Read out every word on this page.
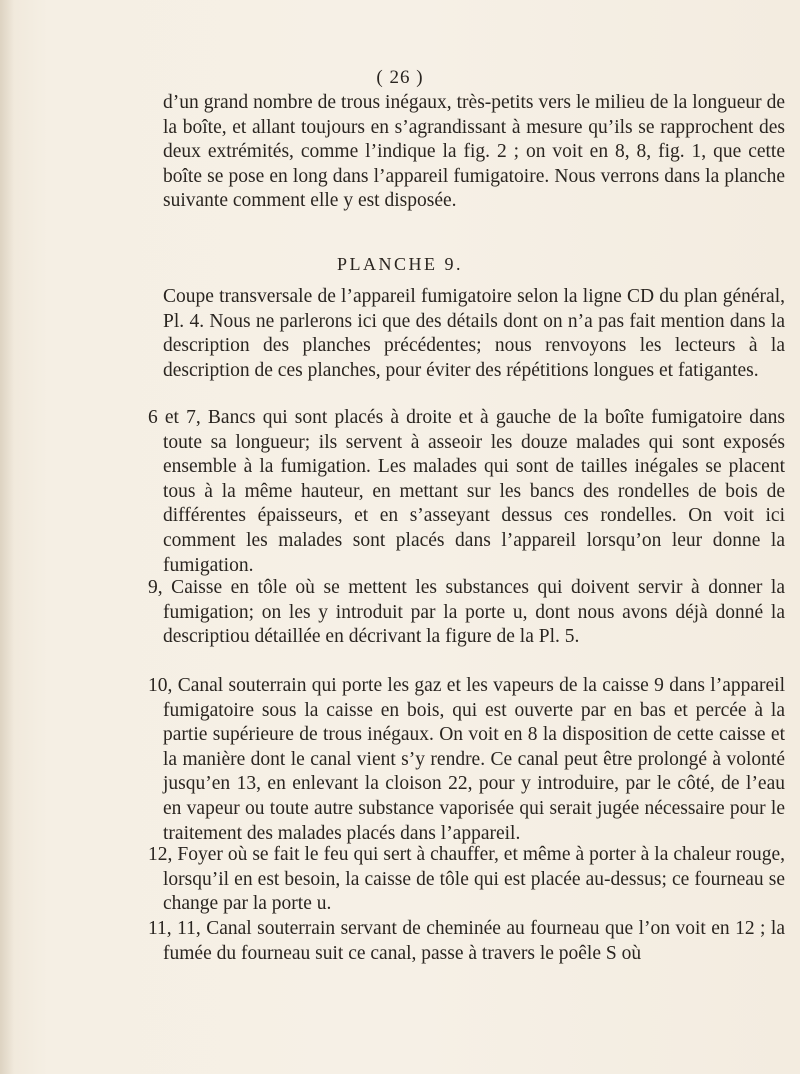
( 26 )

d’un grand nombre de trous inégaux, très-petits vers le milieu de la longueur de la boîte, et allant toujours en s’agrandissant à mesure qu’ils se rapprochent des deux extrémités, comme l’indique la fig. 2 ; on voit en 8, 8, fig. 1, que cette boîte se pose en long dans l’appareil fumigatoire. Nous verrons dans la planche suivante comment elle y est disposée.

PLANCHE 9.

Coupe transversale de l’appareil fumigatoire selon la ligne CD du plan général, Pl. 4. Nous ne parlerons ici que des détails dont on n’a pas fait mention dans la description des planches précédentes; nous renvoyons les lecteurs à la description de ces planches, pour éviter des répétitions longues et fatigantes.

6 et 7, Bancs qui sont placés à droite et à gauche de la boîte fumigatoire dans toute sa longueur; ils servent à asseoir les douze malades qui sont exposés ensemble à la fumigation. Les malades qui sont de tailles inégales se placent tous à la même hauteur, en mettant sur les bancs des rondelles de bois de différentes épaisseurs, et en s’asseyant dessus ces rondelles. On voit ici comment les malades sont placés dans l’appareil lorsqu’on leur donne la fumigation.

9, Caisse en tôle où se mettent les substances qui doivent servir à donner la fumigation; on les y introduit par la porte u, dont nous avons déjà donné la descriptiou détaillée en décrivant la figure de la Pl. 5.

10, Canal souterrain qui porte les gaz et les vapeurs de la caisse 9 dans l’appareil fumigatoire sous la caisse en bois, qui est ouverte par en bas et percée à la partie supérieure de trous inégaux. On voit en 8 la disposition de cette caisse et la manière dont le canal vient s’y rendre. Ce canal peut être prolongé à volonté jusqu’en 13, en enlevant la cloison 22, pour y introduire, par le côté, de l’eau en vapeur ou toute autre substance vaporisée qui serait jugée nécessaire pour le traitement des malades placés dans l’appareil.

12, Foyer où se fait le feu qui sert à chauffer, et même à porter à la chaleur rouge, lorsqu’il en est besoin, la caisse de tôle qui est placée au-dessus; ce fourneau se change par la porte u.

11, 11, Canal souterrain servant de cheminée au fourneau que l’on voit en 12 ; la fumée du fourneau suit ce canal, passe à travers le poêle S où
